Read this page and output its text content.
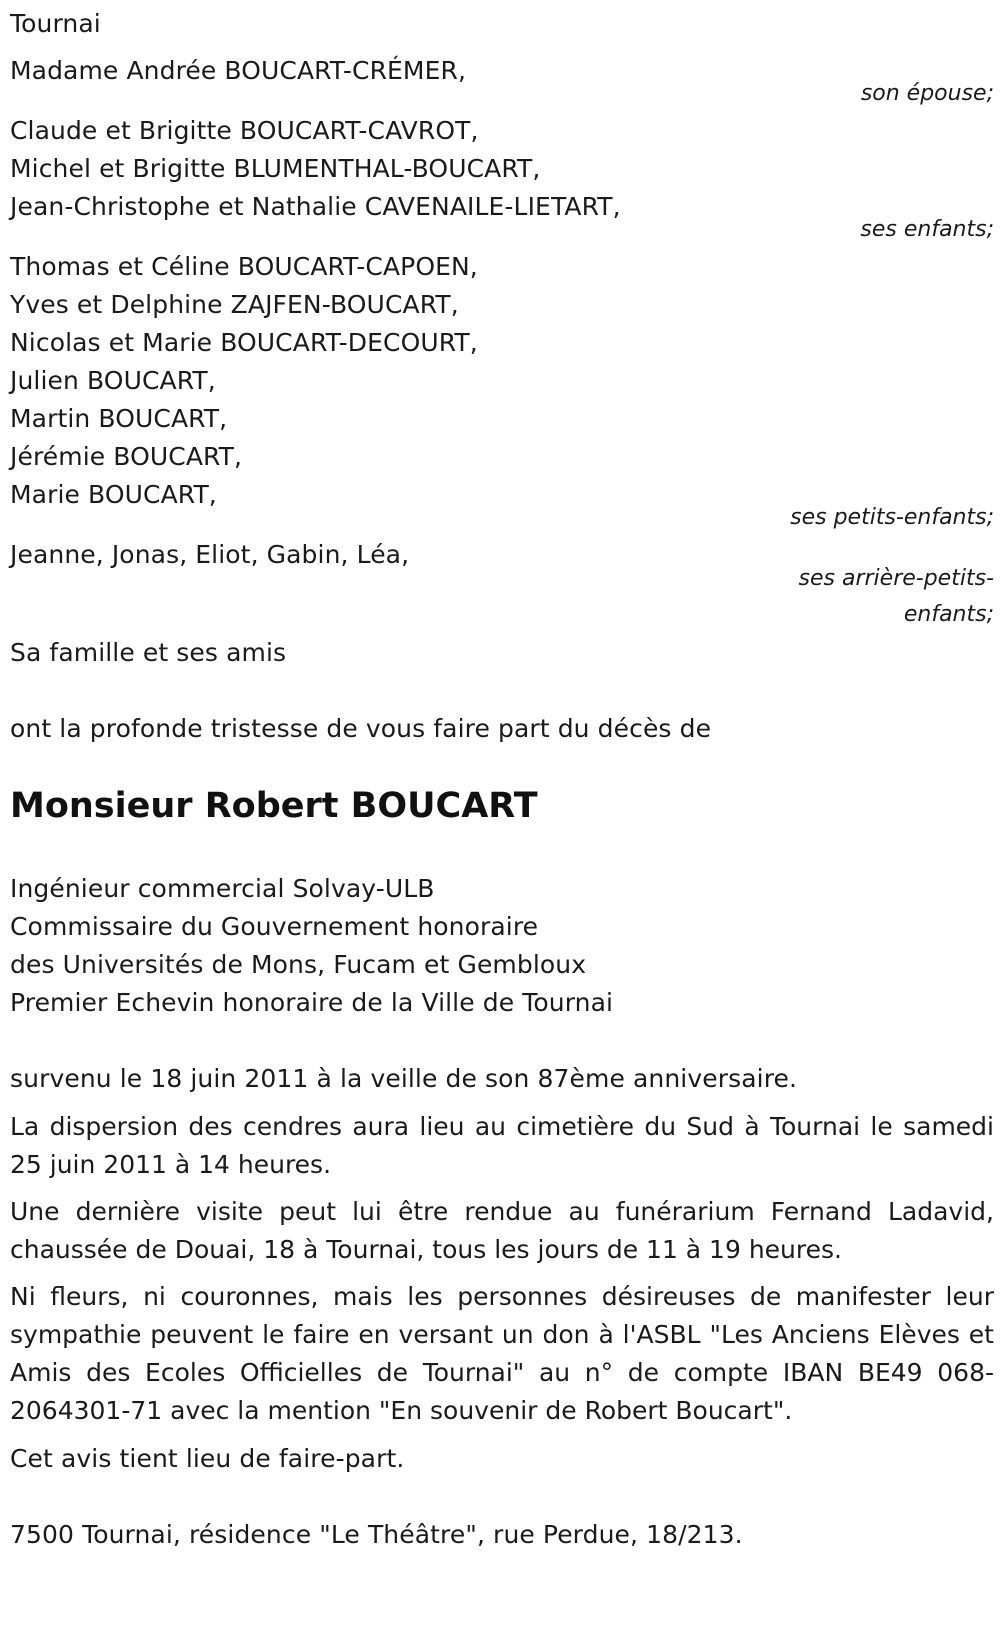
Tournai
Madame Andrée BOUCART-CRÉMER,
son épouse;
Claude et Brigitte BOUCART-CAVROT,
Michel et Brigitte BLUMENTHAL-BOUCART,
Jean-Christophe et Nathalie CAVENAILE-LIETART,
ses enfants;
Thomas et Céline BOUCART-CAPOEN,
Yves et Delphine ZAJFEN-BOUCART,
Nicolas et Marie BOUCART-DECOURT,
Julien BOUCART,
Martin BOUCART,
Jérémie BOUCART,
Marie BOUCART,
ses petits-enfants;
Jeanne, Jonas, Eliot, Gabin, Léa,
ses arrière-petits-
enfants;
Sa famille et ses amis
ont la profonde tristesse de vous faire part du décès de
Monsieur Robert BOUCART
Ingénieur commercial Solvay-ULB
Commissaire du Gouvernement honoraire
des Universités de Mons, Fucam et Gembloux
Premier Echevin honoraire de la Ville de Tournai
survenu le 18 juin 2011 à la veille de son 87ème anniversaire.
La dispersion des cendres aura lieu au cimetière du Sud à Tournai le samedi 25 juin 2011 à 14 heures.
Une dernière visite peut lui être rendue au funérarium Fernand Ladavid, chaussée de Douai, 18 à Tournai, tous les jours de 11 à 19 heures.
Ni fleurs, ni couronnes, mais les personnes désireuses de manifester leur sympathie peuvent le faire en versant un don à l'ASBL "Les Anciens Elèves et Amis des Ecoles Officielles de Tournai" au n° de compte IBAN BE49 068-2064301-71 avec la mention "En souvenir de Robert Boucart".
Cet avis tient lieu de faire-part.
7500 Tournai, résidence "Le Théâtre", rue Perdue, 18/213.
